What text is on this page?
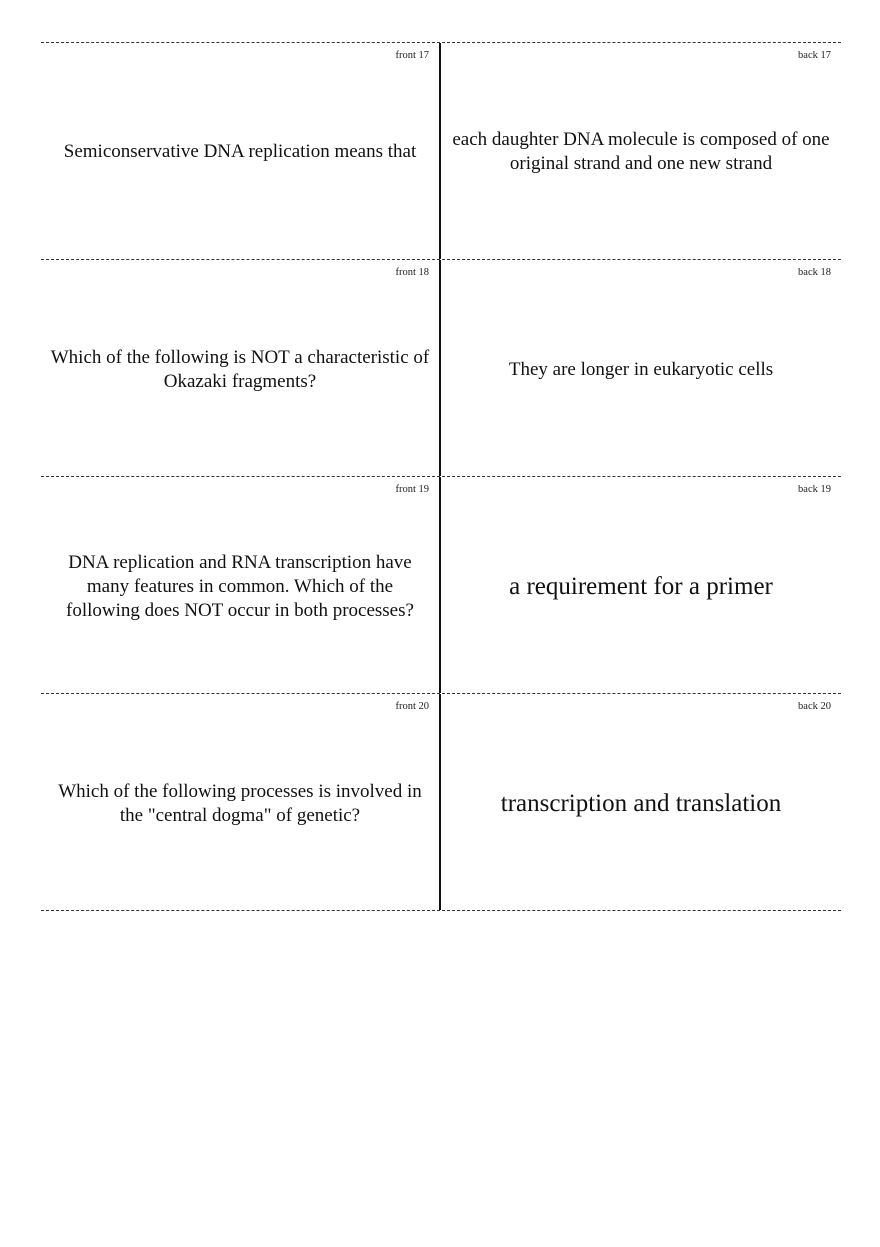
front 17
Semiconservative DNA replication means that
back 17
each daughter DNA molecule is composed of one original strand and one new strand
front 18
Which of the following is NOT a characteristic of Okazaki fragments?
back 18
They are longer in eukaryotic cells
front 19
DNA replication and RNA transcription have many features in common. Which of the following does NOT occur in both processes?
back 19
a requirement for a primer
front 20
Which of the following processes is involved in the "central dogma" of genetic?
back 20
transcription and translation
